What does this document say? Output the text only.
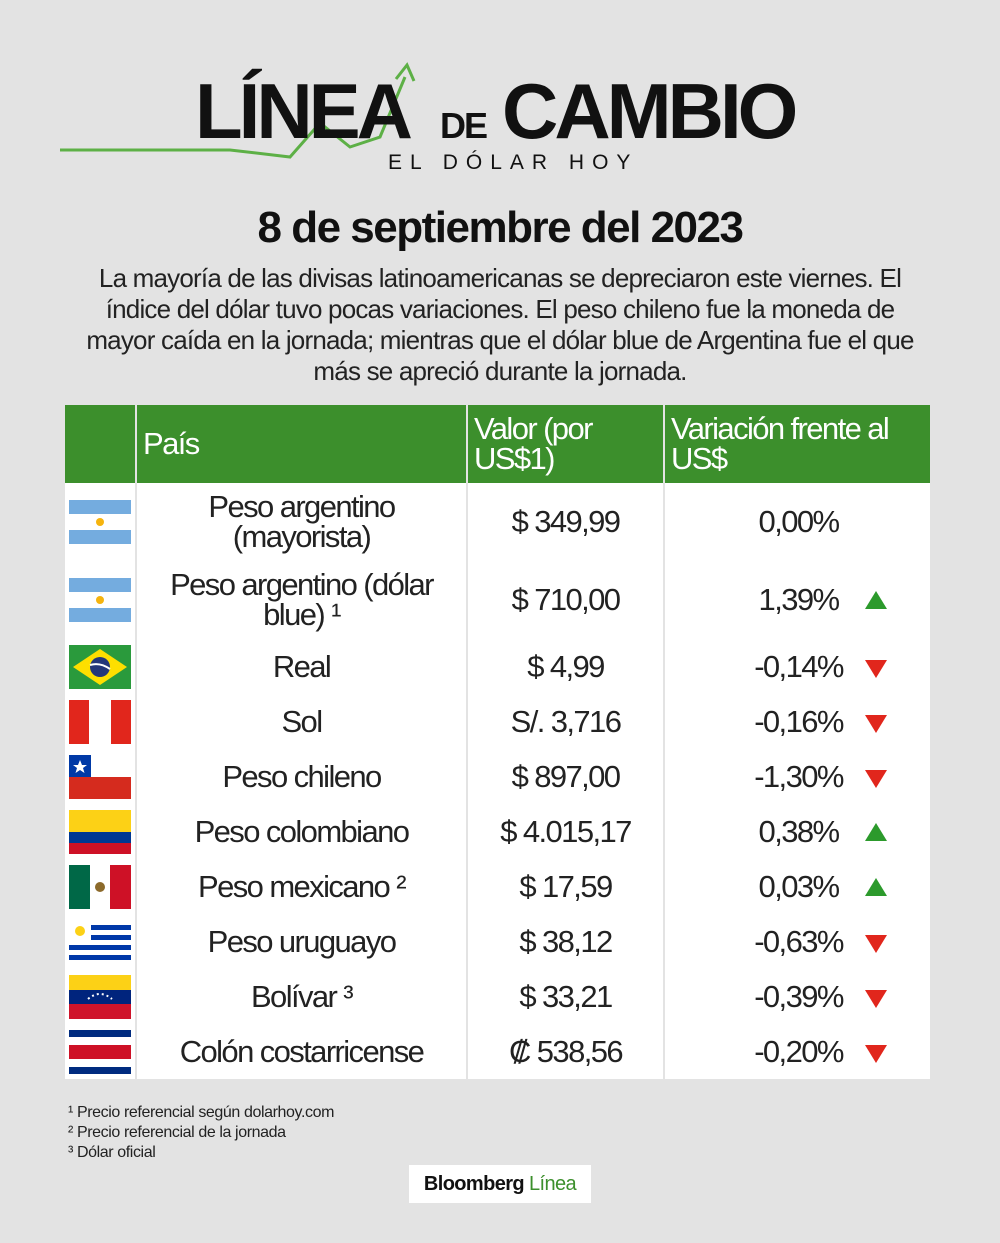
LÍNEA DE CAMBIO
EL DÓLAR HOY
8 de septiembre del 2023
La mayoría de las divisas latinoamericanas se depreciaron este viernes. El índice del dólar tuvo pocas variaciones. El peso chileno fue la moneda de mayor caída en la jornada; mientras que el dólar blue de Argentina fue el que más se apreció durante la jornada.
	País	Valor (por US$1)	Variación frente al US$

	Peso argentino (mayorista)	$ 349,99	0,00%

	Peso argentino (dólar blue) ¹	$ 710,00	1,39%

	Real	$ 4,99	-0,14%

	Sol	S/. 3,716	-0,16%

	Peso chileno	$ 897,00	-1,30%

	Peso colombiano	$ 4.015,17	0,38%

	Peso mexicano ²	$ 17,59	0,03%

	Peso uruguayo	$ 38,12	-0,63%

	Bolívar ³	$ 33,21	-0,39%

	Colón costarricense	₡ 538,56	-0,20%
¹ Precio referencial según dolarhoy.com
² Precio referencial de la jornada
³ Dólar oficial
Bloomberg Línea
